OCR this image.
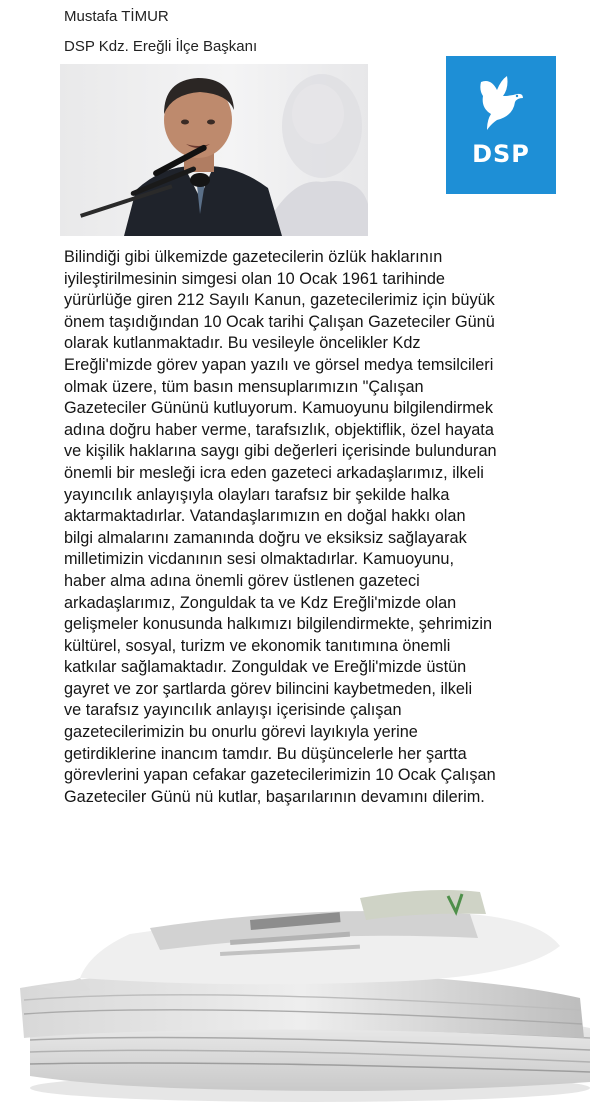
Mustafa TİMUR
DSP Kdz. Ereğli İlçe Başkanı
DSP
Bilindiği gibi ülkemizde gazetecilerin özlük haklarının
iyileştirilmesinin simgesi olan 10 Ocak 1961 tarihinde
yürürlüğe giren 212 Sayılı Kanun, gazetecilerimiz için büyük
önem taşıdığından 10 Ocak tarihi Çalışan Gazeteciler Günü
olarak kutlanmaktadır. Bu vesileyle öncelikler Kdz
Ereğli'mizde görev yapan yazılı ve görsel medya temsilcileri
olmak üzere, tüm basın mensuplarımızın "Çalışan
Gazeteciler Gününü kutluyorum. Kamuoyunu bilgilendirmek
adına doğru haber verme, tarafsızlık, objektiflik, özel hayata
ve kişilik haklarına saygı gibi değerleri içerisinde bulunduran
önemli bir mesleği icra eden gazeteci arkadaşlarımız, ilkeli
yayıncılık anlayışıyla olayları tarafsız bir şekilde halka
aktarmaktadırlar. Vatandaşlarımızın en doğal hakkı olan
bilgi almalarını zamanında doğru ve eksiksiz sağlayarak
milletimizin vicdanının sesi olmaktadırlar. Kamuoyunu,
haber alma adına önemli görev üstlenen gazeteci
arkadaşlarımız, Zonguldak ta ve Kdz Ereğli'mizde olan
gelişmeler konusunda halkımızı bilgilendirmekte, şehrimizin
kültürel, sosyal, turizm ve ekonomik tanıtımına önemli
katkılar sağlamaktadır. Zonguldak ve Ereğli'mizde üstün
gayret ve zor şartlarda görev bilincini kaybetmeden, ilkeli
ve tarafsız yayıncılık anlayışı içerisinde çalışan
gazetecilerimizin bu onurlu görevi layıkıyla yerine
getirdiklerine inancım tamdır. Bu düşüncelerle her şartta
görevlerini yapan cefakar gazetecilerimizin 10 Ocak Çalışan
Gazeteciler Günü nü kutlar, başarılarının devamını dilerim.
